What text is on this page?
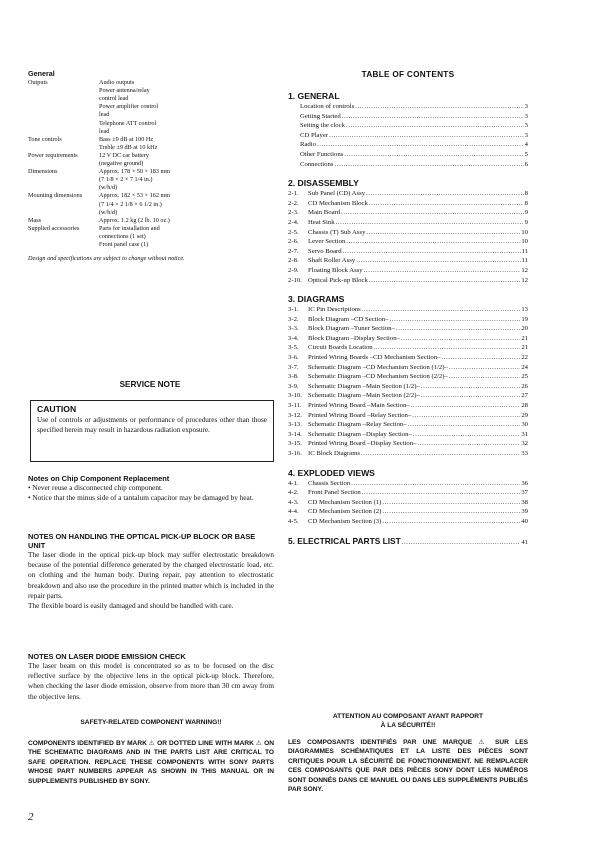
General
Outputs	Audio outputs
Power antenna/relay
control lead
Power amplifier control
lead
Telephone ATT control
lead
Tone controls	Bass ±9 dB at 100 Hz
Treble ±9 dB at 10 kHz
Power requirements	12 V DC car battery
(negative ground)
Dimensions	Approx. 178 × 50 × 183 mm
(7 1/8 × 2 × 7 1/4 in.)
(w/h/d)
Mounting dimensions	Approx. 182 × 53 × 162 mm
(7 1/4 × 2 1/8 × 6 1/2 in.)
(w/h/d)
Mass	Approx. 1.2 kg (2 lb. 10 oz.)
Supplied accessories	Parts for installation and
connections (1 set)
Front panel case (1)
Design and specifications are subject to change without notice.
SERVICE NOTE
CAUTION
Use of controls or adjustments or performance of procedures other than those specified herein may result in hazardous radiation exposure.
Notes on Chip Component Replacement
• Never reuse a disconnected chip component.
• Notice that the minus side of a tantalum capacitor may be damaged by heat.
NOTES ON HANDLING THE OPTICAL PICK-UP BLOCK OR BASE UNIT
The laser diode in the optical pick-up block may suffer electrostatic breakdown because of the potential difference generated by the charged electrostatic load, etc. on clothing and the human body. During repair, pay attention to electrostatic breakdown and also use the procedure in the printed matter which is included in the repair parts.
The flexible board is easily damaged and should be handled with care.
NOTES ON LASER DIODE EMISSION CHECK
The laser beam on this model is concentrated so as to be focused on the disc reflective surface by the objective lens in the optical pick-up block. Therefore, when checking the laser diode emission, observe from more than 30 cm away from the objective lens.
SAFETY-RELATED COMPONENT WARNING!!
COMPONENTS IDENTIFIED BY MARK ⚠ OR DOTTED LINE WITH MARK ⚠ ON THE SCHEMATIC DIAGRAMS AND IN THE PARTS LIST ARE CRITICAL TO SAFE OPERATION. REPLACE THESE COMPONENTS WITH SONY PARTS WHOSE PART NUMBERS APPEAR AS SHOWN IN THIS MANUAL OR IN SUPPLEMENTS PUBLISHED BY SONY.
TABLE OF CONTENTS
1. GENERAL
Location of controls .....	3
Getting Started .....	3
Setting the clock .....	3
CD Player .....	3
Radio .....	4
Other Functions .....	5
Connections .....	6
2. DISASSEMBLY
2-1.	Sub Panel (CD) Assy .....	8
2-2.	CD Mechanism Block .....	8
2-3.	Main Board .....	9
2-4.	Heat Sink .....	9
2-5.	Chassis (T) Sub Assy .....	10
2-6.	Lever Section .....	10
2-7.	Servo Board .....	11
2-8.	Shaft Roller Assy .....	11
2-9.	Floating Block Assy .....	12
2-10. Optical Pick-up Block .....	12
3. DIAGRAMS
3-1.	IC Pin Descriptions .....	13
3-2.	Block Diagram –CD Section– .....	19
3-3.	Block Diagram –Tuner Section– .....	20
3-4.	Block Diagram –Display Section– .....	21
3-5.	Circuit Boards Location .....	21
3-6.	Printed Wiring Boards –CD Mechanism Section– .....	22
3-7.	Schematic Diagram –CD Mechanism Section (1/2)– .....	24
3-8.	Schematic Diagram –CD Mechanism Section (2/2)– .....	25
3-9.	Schematic Diagram –Main Section (1/2)– .....	26
3-10. Schematic Diagram –Main Section (2/2)– .....	27
3-11. Printed Wiring Board –Main Section– .....	28
3-12. Printed Wiring Board –Relay Section– .....	29
3-13. Schematic Diagram –Relay Section– .....	30
3-14. Schematic Diagram –Display Section– .....	31
3-15. Printed Wiring Board –Display Section– .....	32
3-16. IC Block Diagrams .....	33
4. EXPLODED VIEWS
4-1.	Chassis Section .....	36
4-2.	Front Panel Section .....	37
4-3.	CD Mechanism Section (1) .....	38
4-4.	CD Mechanism Section (2) .....	39
4-5.	CD Mechanism Section (3) .....	40
5. ELECTRICAL PARTS LIST .....	41
ATTENTION AU COMPOSANT AYANT RAPPORT
À LA SÉCURITÉ!!
LES COMPOSANTS IDENTIFIÉS PAR UNE MARQUE ⚠ SUR LES DIAGRAMMES SCHÉMATIQUES ET LA LISTE DES PIÈCES SONT CRITIQUES POUR LA SÉCURITÉ DE FONCTIONNEMENT. NE REMPLACER CES COMPOSANTS QUE PAR DES PIÈCES SONY DONT LES NUMÉROS SONT DONNÉS DANS CE MANUEL OU DANS LES SUPPLÉMENTS PUBLIÉS PAR SONY.
2
